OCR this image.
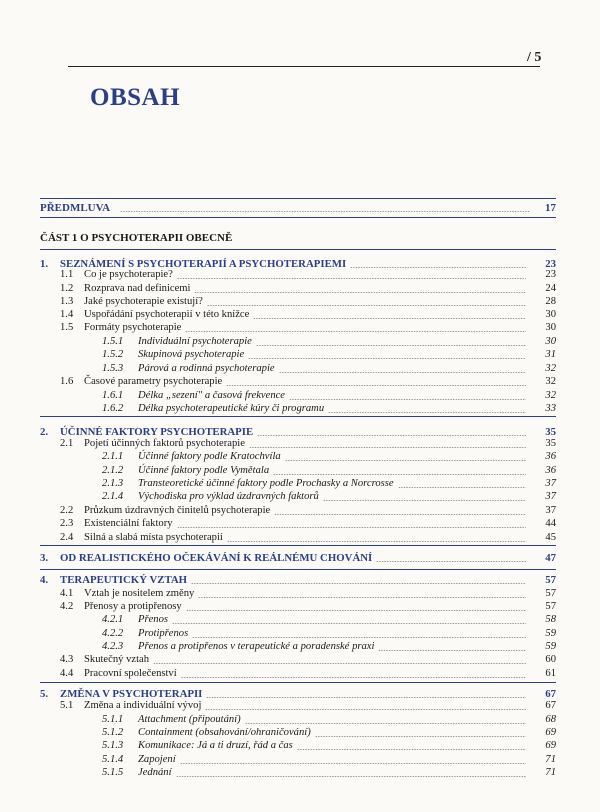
/ 5
OBSAH
PŘEDMLUVA	17
ČÁST 1 O PSYCHOTERAPII OBECNĚ
1. SEZNÁMENÍ S PSYCHOTERAPIÍ A PSYCHOTERAPIEMI	23
1.1 Co je psychoterapie?	23
1.2 Rozprava nad definicemi	24
1.3 Jaké psychoterapie existují?	28
1.4 Uspořádání psychoterapií v této knížce	30
1.5 Formáty psychoterapie	30
1.5.1 Individuální psychoterapie	30
1.5.2 Skupinová psychoterapie	31
1.5.3 Párová a rodinná psychoterapie	32
1.6 Časové parametry psychoterapie	32
1.6.1 Délka „sezení" a časová frekvence	32
1.6.2 Délka psychoterapeutické kúry či programu	33
2. ÚČINNÉ FAKTORY PSYCHOTERAPIE	35
2.1 Pojetí účinných faktorů psychoterapie	35
2.1.1 Účinné faktory podle Kratochvíla	36
2.1.2 Účinné faktory podle Vymětala	36
2.1.3 Transteoretické účinné faktory podle Prochasky a Norcrosse	37
2.1.4 Východiska pro výklad úzdravných faktorů	37
2.2 Průzkum úzdravných činitelů psychoterapie	37
2.3 Existenciální faktory	44
2.4 Silná a slabá místa psychoterapií	45
3. OD REALISTICKÉHO OČEKÁVÁNÍ K REÁLNÉMU CHOVÁNÍ	47
4. TERAPEUTICKÝ VZTAH	57
4.1 Vztah je nositelem změny	57
4.2 Přenosy a protipřenosy	57
4.2.1 Přenos	58
4.2.2 Protipřenos	59
4.2.3 Přenos a protipřenos v terapeutické a poradenské praxi	59
4.3 Skutečný vztah	60
4.4 Pracovní společenství	61
5. ZMĚNA V PSYCHOTERAPII	67
5.1 Změna a individuální vývoj	67
5.1.1 Attachment (připoutání)	68
5.1.2 Containment (obsahování/ohraničování)	69
5.1.3 Komunikace: Já a ti druzí, řád a čas	69
5.1.4 Zapojení	71
5.1.5 Jednání	71
